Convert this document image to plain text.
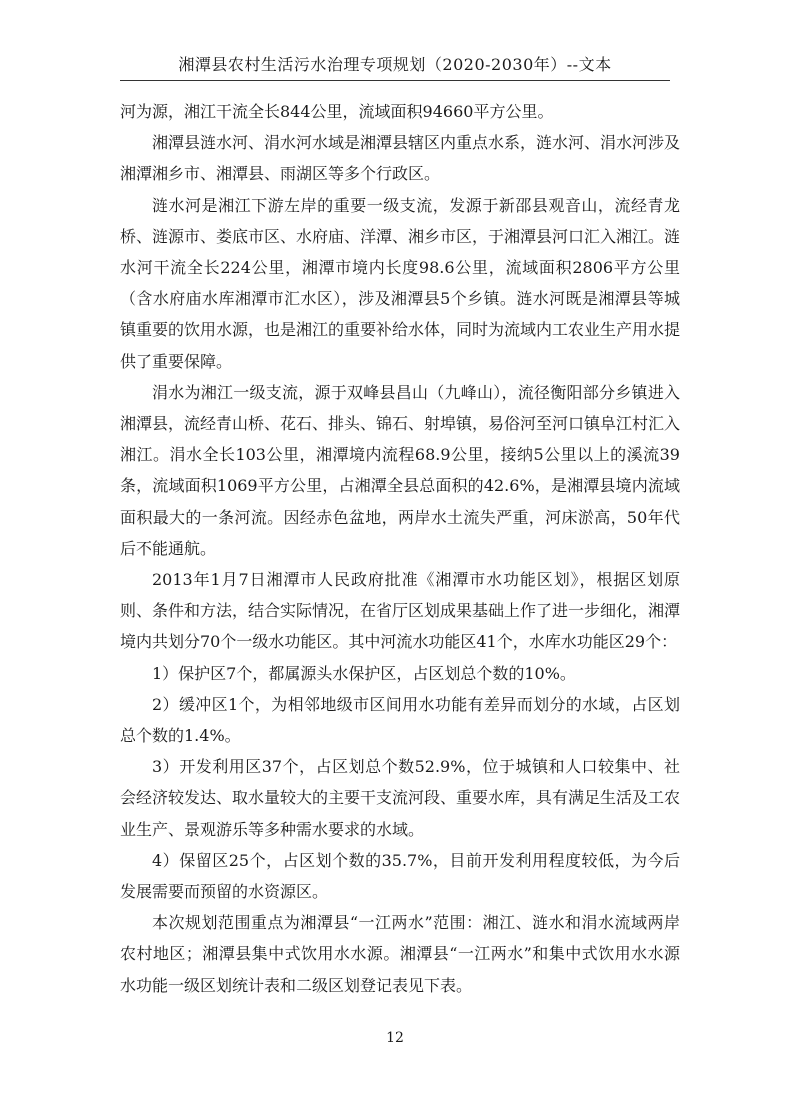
湘潭县农村生活污水治理专项规划（2020-2030年）--文本

河为源，湘江干流全长844公里，流域面积94660平方公里。

湘潭县涟水河、涓水河水域是湘潭县辖区内重点水系，涟水河、涓水河涉及湘潭湘乡市、湘潭县、雨湖区等多个行政区。

涟水河是湘江下游左岸的重要一级支流，发源于新邵县观音山，流经青龙桥、涟源市、娄底市区、水府庙、洋潭、湘乡市区，于湘潭县河口汇入湘江。涟水河干流全长224公里，湘潭市境内长度98.6公里，流域面积2806平方公里（含水府庙水库湘潭市汇水区），涉及湘潭县5个乡镇。涟水河既是湘潭县等城镇重要的饮用水源，也是湘江的重要补给水体，同时为流域内工农业生产用水提供了重要保障。

涓水为湘江一级支流，源于双峰县昌山（九峰山），流径衡阳部分乡镇进入湘潭县，流经青山桥、花石、排头、锦石、射埠镇，易俗河至河口镇阜江村汇入湘江。涓水全长103公里，湘潭境内流程68.9公里，接纳5公里以上的溪流39条，流域面积1069平方公里，占湘潭全县总面积的42.6%，是湘潭县境内流域面积最大的一条河流。因经赤色盆地，两岸水土流失严重，河床淤高，50年代后不能通航。

2013年1月7日湘潭市人民政府批准《湘潭市水功能区划》，根据区划原则、条件和方法，结合实际情况，在省厅区划成果基础上作了进一步细化，湘潭境内共划分70个一级水功能区。其中河流水功能区41个，水库水功能区29个：

1）保护区7个，都属源头水保护区，占区划总个数的10%。

2）缓冲区1个，为相邻地级市区间用水功能有差异而划分的水域，占区划总个数的1.4%。

3）开发利用区37个，占区划总个数52.9%，位于城镇和人口较集中、社会经济较发达、取水量较大的主要干支流河段、重要水库，具有满足生活及工农业生产、景观游乐等多种需水要求的水域。

4）保留区25个，占区划个数的35.7%，目前开发利用程度较低，为今后发展需要而预留的水资源区。

本次规划范围重点为湘潭县“一江两水”范围：湘江、涟水和涓水流域两岸农村地区；湘潭县集中式饮用水水源。湘潭县“一江两水”和集中式饮用水水源水功能一级区划统计表和二级区划登记表见下表。

12
